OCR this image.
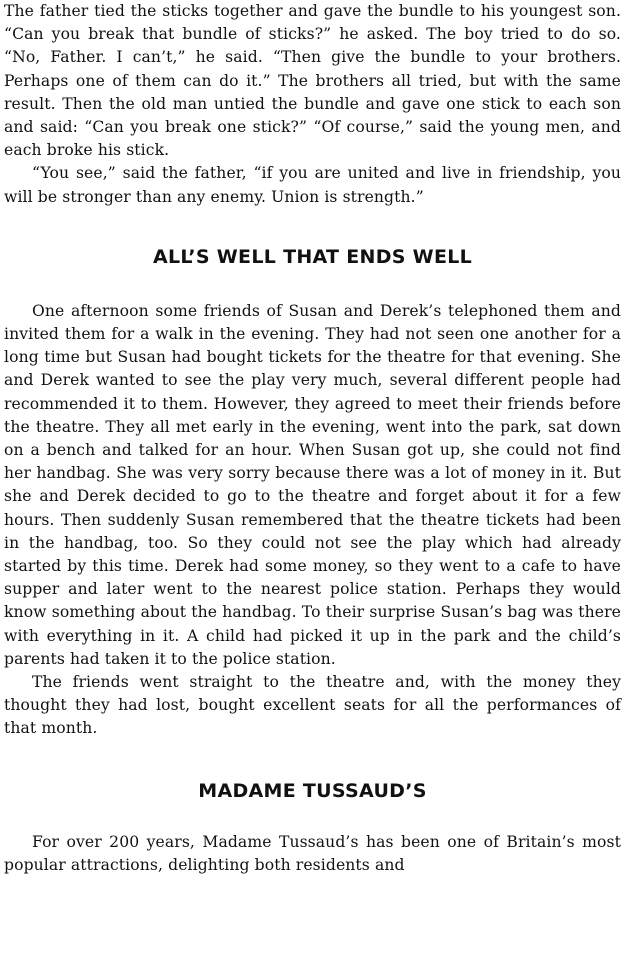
The father tied the sticks together and gave the bundle to his youngest son. “Can you break that bundle of sticks?” he asked. The boy tried to do so. “No, Father. I can’t,” he said. “Then give the bundle to your brothers. Perhaps one of them can do it.” The brothers all tried, but with the same result. Then the old man untied the bundle and gave one stick to each son and said: “Can you break one stick?” “Of course,” said the young men, and each broke his stick.

“You see,” said the father, “if you are united and live in friendship, you will be stronger than any enemy. Union is strength.”

ALL’S WELL THAT ENDS WELL

One afternoon some friends of Susan and Derek’s telephoned them and invited them for a walk in the evening. They had not seen one another for a long time but Susan had bought tickets for the theatre for that evening. She and Derek wanted to see the play very much, several different people had recommended it to them. However, they agreed to meet their friends before the theatre. They all met early in the evening, went into the park, sat down on a bench and talked for an hour. When Susan got up, she could not find her handbag. She was very sorry because there was a lot of money in it. But she and Derek decided to go to the theatre and forget about it for a few hours. Then suddenly Susan remembered that the theatre tickets had been in the handbag, too. So they could not see the play which had already started by this time. Derek had some money, so they went to a cafe to have supper and later went to the nearest police station. Perhaps they would know something about the handbag. To their surprise Susan’s bag was there with everything in it. A child had picked it up in the park and the child’s parents had taken it to the police station.

The friends went straight to the theatre and, with the money they thought they had lost, bought excellent seats for all the performances of that month.

MADAME TUSSAUD’S

For over 200 years, Madame Tussaud’s has been one of Britain’s most popular attractions, delighting both residents and
